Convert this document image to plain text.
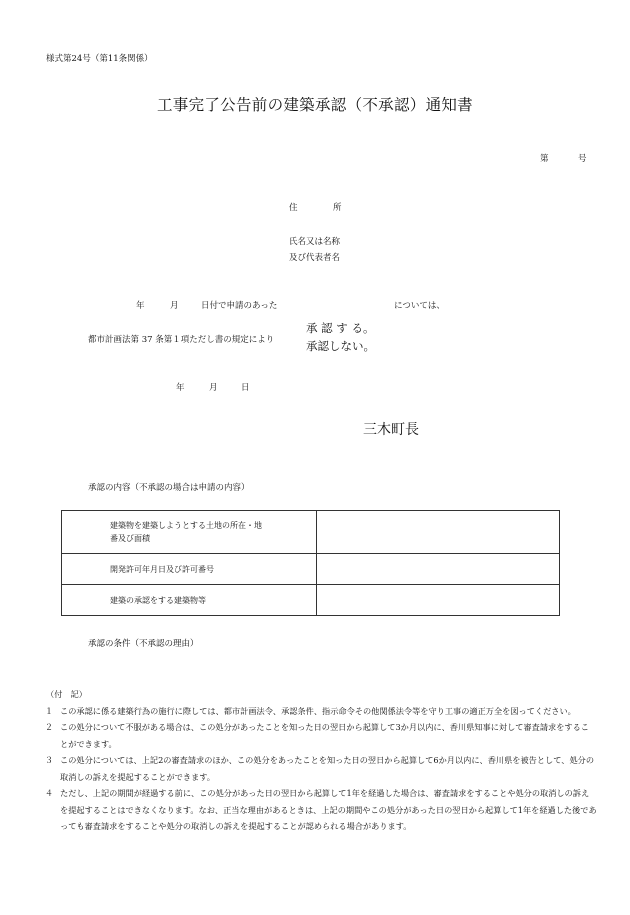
様式第24号（第11条関係）
工事完了公告前の建築承認（不承認）通知書
第	号
住	所
氏名又は名称
及び代表者名
年	月	日付で申請のあった	については、
都市計画法第 37 条第１項ただし書の規定により
承 認 す る。
承認しない。
年	月	日
三木町長
承認の内容（不承認の場合は申請の内容）
建築物を建築しようとする土地の所在・地
番及び面積	

開発許可年月日及び許可番号	
建築の承認をする建築物等	
承認の条件（不承認の理由）
（付　記）
１ この承認に係る建築行為の施行に際しては、都市計画法令、承認条件、指示命令その他関係法令等を守り工事の適正万全を図ってください。
２ この処分について不服がある場合は、この処分があったことを知った日の翌日から起算して3か月以内に、香川県知事に対して審査請求をするこ
とができます。
３ この処分については、上記2の審査請求のほか、この処分をあったことを知った日の翌日から起算して6か月以内に、香川県を被告として、処分の
取消しの訴えを提起することができます。
４ ただし、上記の期間が経過する前に、この処分があった日の翌日から起算して1年を経過した場合は、審査請求をすることや処分の取消しの訴え
を提起することはできなくなります。なお、正当な理由があるときは、上記の期間やこの処分があった日の翌日から起算して1年を経過した後であ
っても審査請求をすることや処分の取消しの訴えを提起することが認められる場合があります。
